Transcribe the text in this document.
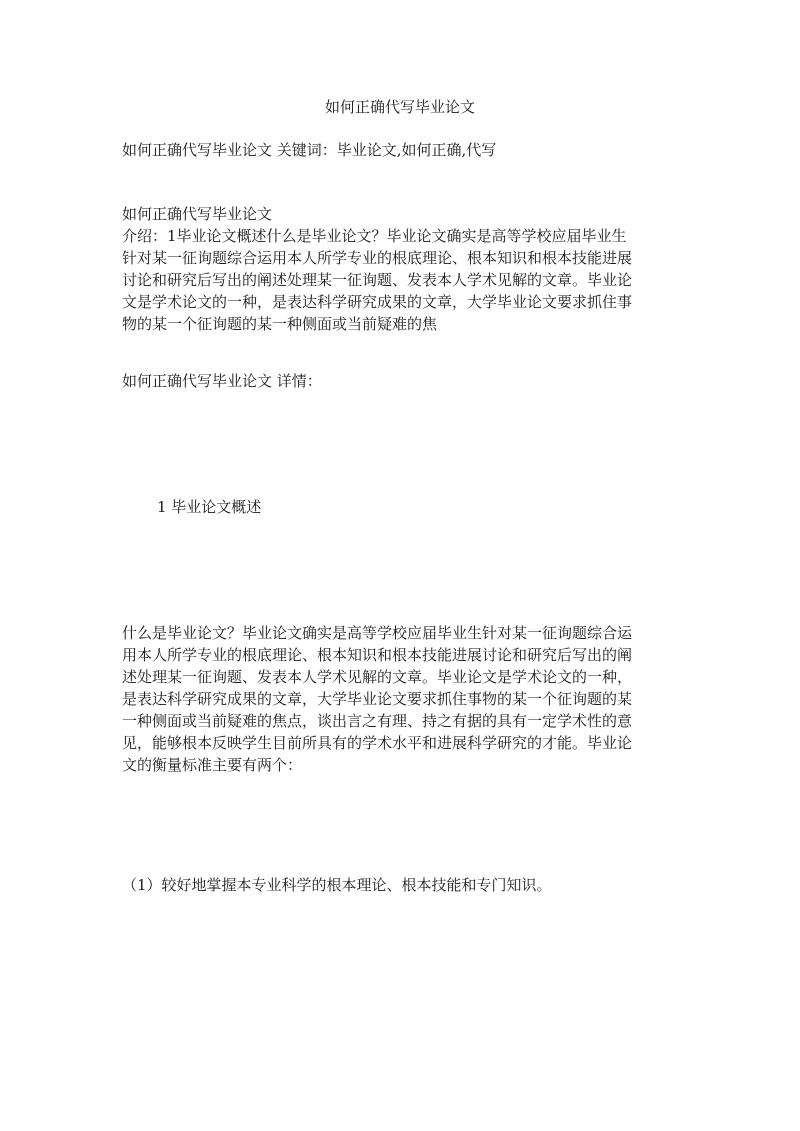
如何正确代写毕业论文

如何正确代写毕业论文 关键词：毕业论文,如何正确,代写

如何正确代写毕业论文
介绍：1毕业论文概述什么是毕业论文？毕业论文确实是高等学校应届毕业生
针对某一征询题综合运用本人所学专业的根底理论、根本知识和根本技能进展
讨论和研究后写出的阐述处理某一征询题、发表本人学术见解的文章。毕业论
文是学术论文的一种，是表达科学研究成果的文章，大学毕业论文要求抓住事
物的某一个征询题的某一种侧面或当前疑难的焦

如何正确代写毕业论文 详情：

1 毕业论文概述

什么是毕业论文？毕业论文确实是高等学校应届毕业生针对某一征询题综合运
用本人所学专业的根底理论、根本知识和根本技能进展讨论和研究后写出的阐
述处理某一征询题、发表本人学术见解的文章。毕业论文是学术论文的一种，
是表达科学研究成果的文章，大学毕业论文要求抓住事物的某一个征询题的某
一种侧面或当前疑难的焦点，谈出言之有理、持之有据的具有一定学术性的意
见，能够根本反映学生目前所具有的学术水平和进展科学研究的才能。毕业论
文的衡量标准主要有两个：

（1）较好地掌握本专业科学的根本理论、根本技能和专门知识。
